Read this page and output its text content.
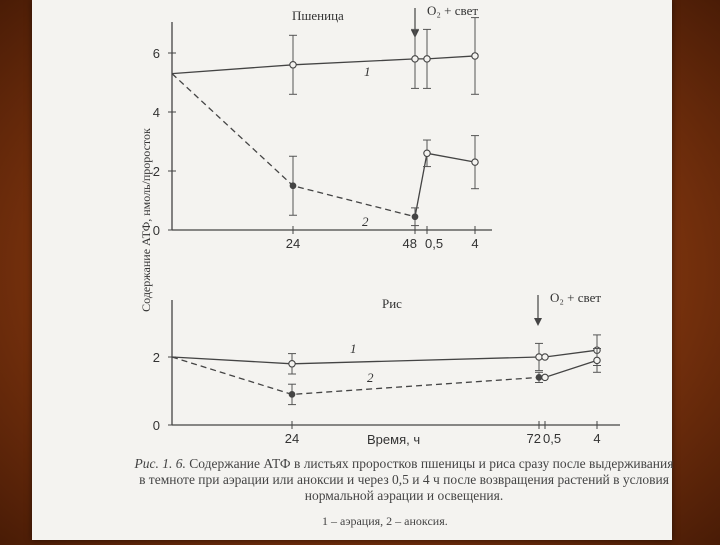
0
2
4
6
24	48 0,5 4
Пшеница	O₂ + свет
Содержание АТФ, нмоль/проросток
1
2
0
2
24	72 0,5 4
Рис	O₂ + свет
Время, ч
1
2
Рис. 1. 6. Содержание АТФ в листьях проростков пшеницы и риса сразу после выдерживания в темноте при аэрации или аноксии и через 0,5 и 4 ч после возвращения растений в условия нормальной аэрации и освещения.
1 – аэрация, 2 – аноксия.
